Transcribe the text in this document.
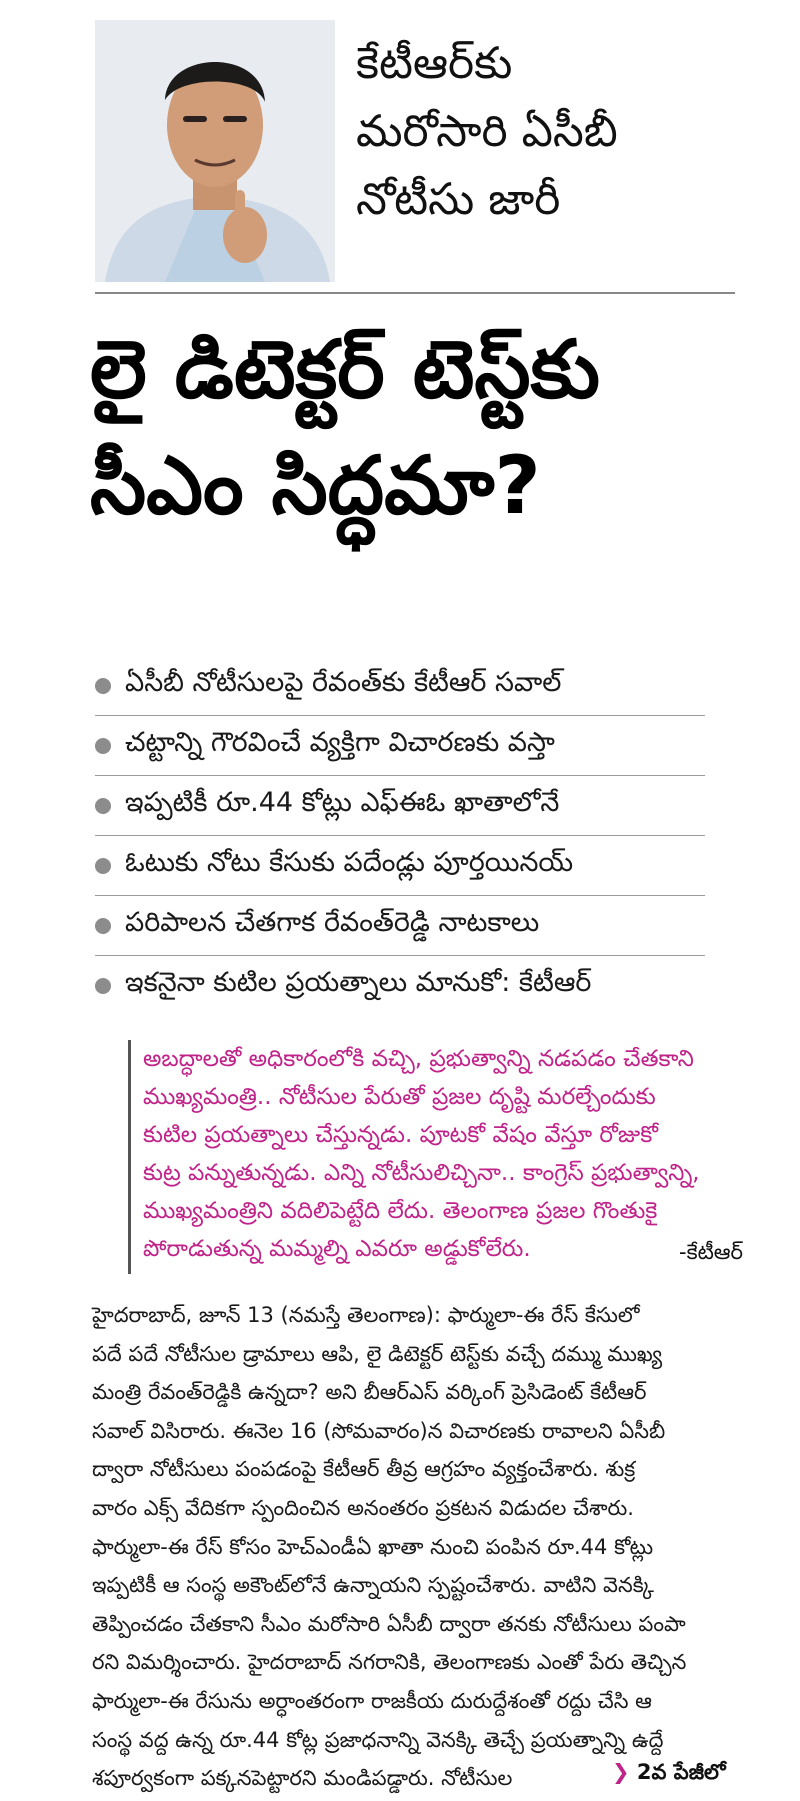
కేటీఆర్‌కు
మరోసారి ఏసీబీ
నోటీసు జారీ
లై డిటెక్టర్ టెస్ట్‌కు
సీఎం సిద్ధమా?
ఏసీబీ నోటీసులపై రేవంత్‌కు కేటీఆర్ సవాల్
చట్టాన్ని గౌరవించే వ్యక్తిగా విచారణకు వస్తా
ఇప్పటికీ రూ.44 కోట్లు ఎఫ్ఈఓ ఖాతాలోనే
ఓటుకు నోటు కేసుకు పదేండ్లు పూర్తయినయ్
పరిపాలన చేతగాక రేవంత్‌రెడ్డి నాటకాలు
ఇకనైనా కుటిల ప్రయత్నాలు మానుకో: కేటీఆర్
అబద్ధాలతో అధికారంలోకి వచ్చి, ప్రభుత్వాన్ని నడపడం చేతకాని
ముఖ్యమంత్రి.. నోటీసుల పేరుతో ప్రజల దృష్టి మరల్చేందుకు
కుటిల ప్రయత్నాలు చేస్తున్నడు. పూటకో వేషం వేస్తూ రోజుకో
కుట్ర పన్నుతున్నడు. ఎన్ని నోటీసులిచ్చినా.. కాంగ్రెస్ ప్రభుత్వాన్ని,
ముఖ్యమంత్రిని వదిలిపెట్టేది లేదు. తెలంగాణ ప్రజల గొంతుకై
పోరాడుతున్న మమ్మల్ని ఎవరూ అడ్డుకోలేరు.	-కేటీఆర్
హైదరాబాద్, జూన్ 13 (నమస్తే తెలంగాణ): ఫార్ములా-ఈ రేస్ కేసులో
పదే పదే నోటీసుల డ్రామాలు ఆపి, లై డిటెక్టర్ టెస్ట్‌కు వచ్చే దమ్ము ముఖ్య
మంత్రి రేవంత్‌రెడ్డికి ఉన్నదా? అని బీఆర్ఎస్ వర్కింగ్ ప్రెసిడెంట్ కేటీఆర్
సవాల్ విసిరారు. ఈనెల 16 (సోమవారం)న విచారణకు రావాలని ఏసీబీ
ద్వారా నోటీసులు పంపడంపై కేటీఆర్ తీవ్ర ఆగ్రహం వ్యక్తంచేశారు. శుక్ర
వారం ఎక్స్ వేదికగా స్పందించిన అనంతరం ప్రకటన విడుదల చేశారు.
ఫార్ములా-ఈ రేస్ కోసం హెచ్ఎండీఏ ఖాతా నుంచి పంపిన రూ.44 కోట్లు
ఇప్పటికీ ఆ సంస్థ అకౌంట్‌లోనే ఉన్నాయని స్పష్టంచేశారు. వాటిని వెనక్కి
తెప్పించడం చేతకాని సీఎం మరోసారి ఏసీబీ ద్వారా తనకు నోటీసులు పంపా
రని విమర్శించారు. హైదరాబాద్ నగరానికి, తెలంగాణకు ఎంతో పేరు తెచ్చిన
ఫార్ములా-ఈ రేసును అర్ధాంతరంగా రాజకీయ దురుద్దేశంతో రద్దు చేసి ఆ
సంస్థ వద్ద ఉన్న రూ.44 కోట్ల ప్రజాధనాన్ని వెనక్కి తెచ్చే ప్రయత్నాన్ని ఉద్దే
శపూర్వకంగా పక్కనపెట్టారని మండిపడ్డారు. నోటీసుల	❯ 2వ పేజీలో
